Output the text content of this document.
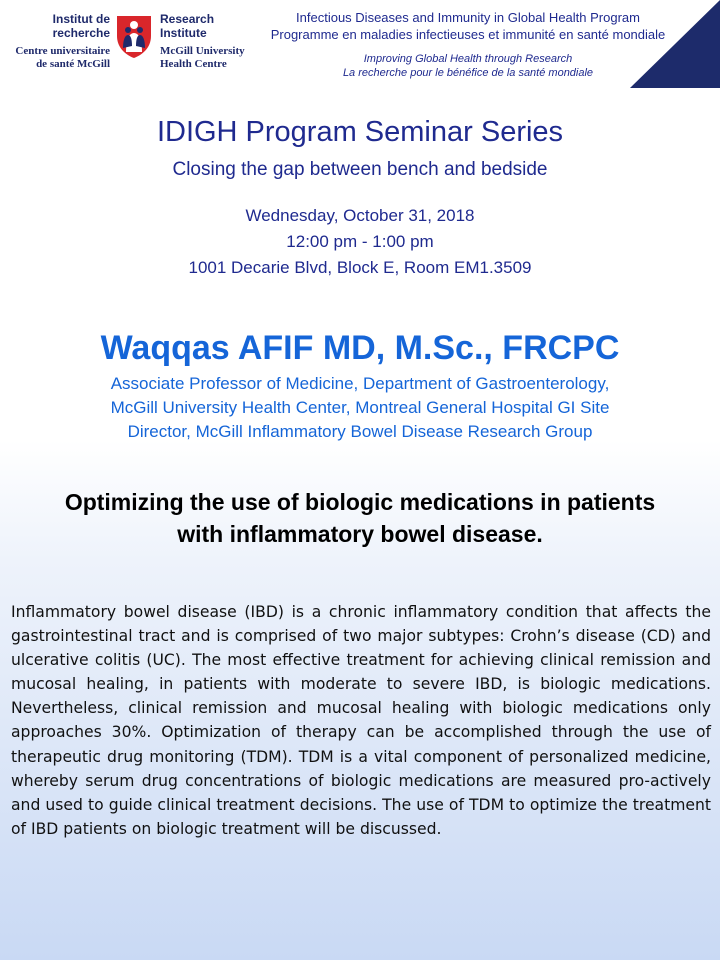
Institut de
recherche
Centre universitaire
de santé McGill
Research
Institute
McGill University
Health Centre
Infectious Diseases and Immunity in Global Health Program
Programme en maladies infectieuses et immunité en santé mondiale
Improving Global Health through Research
La recherche pour le bénéfice de la santé mondiale
IDIGH Program Seminar Series
Closing the gap between bench and bedside
Wednesday, October 31, 2018
12:00 pm - 1:00 pm
1001 Decarie Blvd, Block E, Room EM1.3509
Waqqas AFIF MD, M.Sc., FRCPC
Associate Professor of Medicine, Department of Gastroenterology,
McGill University Health Center, Montreal General Hospital GI Site
Director, McGill Inflammatory Bowel Disease Research Group
Optimizing the use of biologic medications in patients
with inflammatory bowel disease.
Inflammatory bowel disease (IBD) is a chronic inflammatory condition that affects the gastrointestinal tract and is comprised of two major subtypes: Crohn’s disease (CD) and ulcerative colitis (UC). The most effective treatment for achieving clinical remission and mucosal healing, in patients with moderate to severe IBD, is biologic medications. Nevertheless, clinical remission and mucosal healing with biologic medications only approaches 30%. Optimization of therapy can be accomplished through the use of therapeutic drug monitoring (TDM). TDM is a vital component of personalized medicine, whereby serum drug concentrations of biologic medications are measured pro-actively and used to guide clinical treatment decisions. The use of TDM to optimize the treatment of IBD patients on biologic treatment will be discussed.
